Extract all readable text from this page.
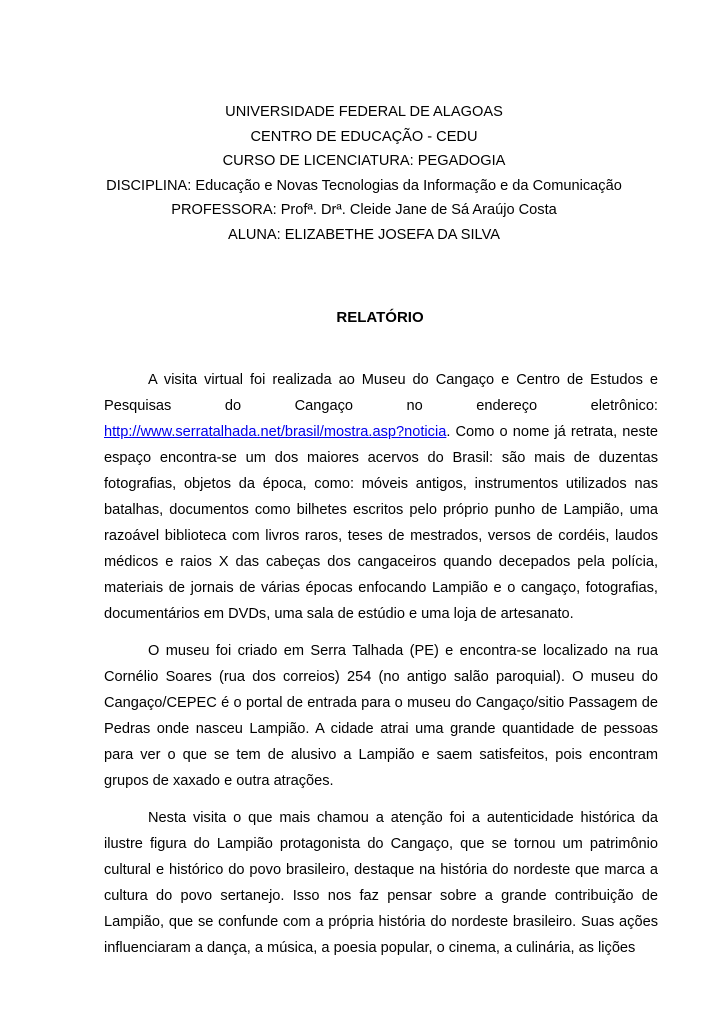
UNIVERSIDADE FEDERAL DE ALAGOAS

CENTRO DE EDUCAÇÃO - CEDU

CURSO DE LICENCIATURA: PEGADOGIA

DISCIPLINA: Educação e Novas Tecnologias da Informação e da Comunicação

PROFESSORA: Profª. Drª. Cleide Jane de Sá Araújo Costa

ALUNA: ELIZABETHE JOSEFA DA SILVA

RELATÓRIO

A visita virtual foi realizada ao Museu do Cangaço e Centro de Estudos e Pesquisas do Cangaço no endereço eletrônico: http://www.serratalhada.net/brasil/mostra.asp?noticia. Como o nome já retrata, neste espaço encontra-se um dos maiores acervos do Brasil: são mais de duzentas fotografias, objetos da época, como: móveis antigos, instrumentos utilizados nas batalhas, documentos como bilhetes escritos pelo próprio punho de Lampião, uma razoável biblioteca com livros raros, teses de mestrados, versos de cordéis, laudos médicos e raios X das cabeças dos cangaceiros quando decepados pela polícia, materiais de jornais de várias épocas enfocando Lampião e o cangaço, fotografias, documentários em DVDs, uma sala de estúdio e uma loja de artesanato.

O museu foi criado em Serra Talhada (PE) e encontra-se localizado na rua Cornélio Soares (rua dos correios) 254 (no antigo salão paroquial). O museu do Cangaço/CEPEC é o portal de entrada para o museu do Cangaço/sitio Passagem de Pedras onde nasceu Lampião. A cidade atrai uma grande quantidade de pessoas para ver o que se tem de alusivo a Lampião e saem satisfeitos, pois encontram grupos de xaxado e outra atrações.

Nesta visita o que mais chamou a atenção foi a autenticidade histórica da ilustre figura do Lampião protagonista do Cangaço, que se tornou um patrimônio cultural e histórico do povo brasileiro, destaque na história do nordeste que marca a cultura do povo sertanejo. Isso nos faz pensar sobre a grande contribuição de Lampião, que se confunde com a própria história do nordeste brasileiro. Suas ações influenciaram a dança, a música, a poesia popular, o cinema, a culinária, as lições
